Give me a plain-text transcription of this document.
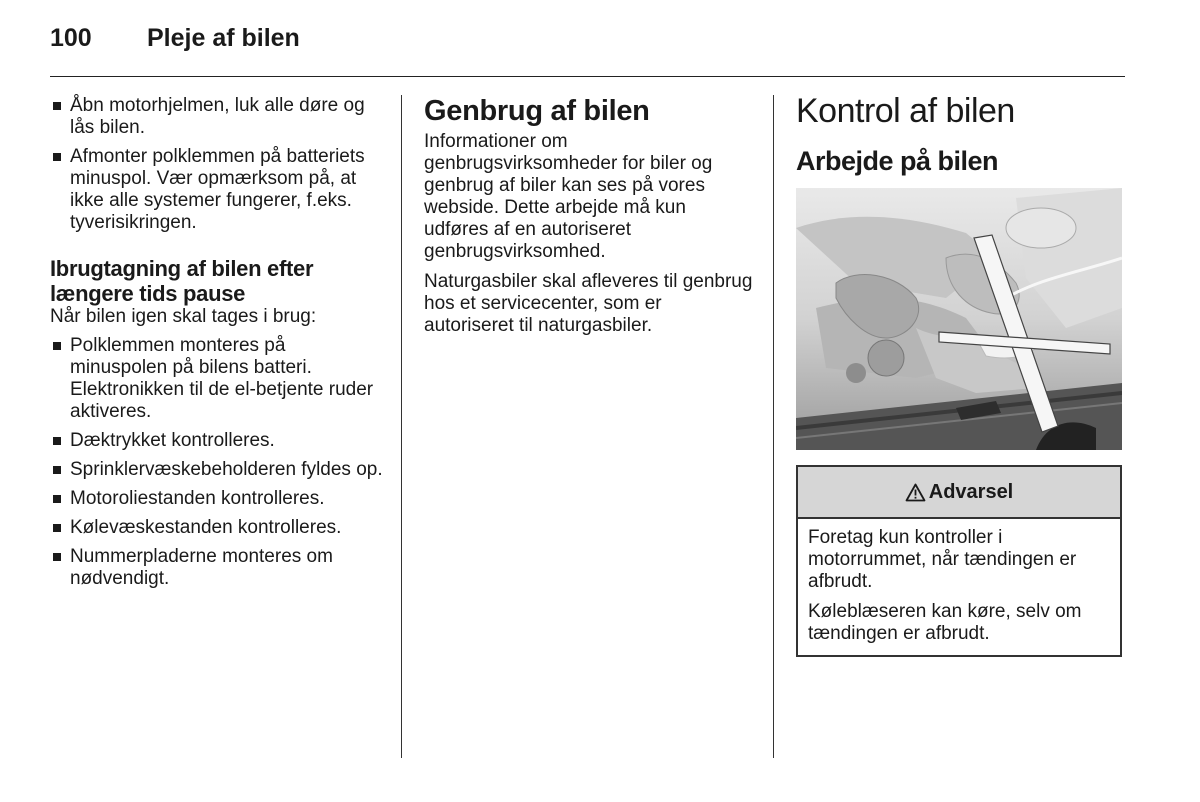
100 Pleje af bilen
Åbn motorhjelmen, luk alle døre og lås bilen.
Afmonter polklemmen på batteriets minuspol. Vær opmærksom på, at ikke alle systemer fungerer, f.eks. tyverisikringen.
Ibrugtagning af bilen efter længere tids pause

Når bilen igen skal tages i brug:

Polklemmen monteres på minuspolen på bilens batteri. Elektronikken til de el-betjente ruder aktiveres.
Dæktrykket kontrolleres.
Sprinklervæskebeholderen fyldes op.
Motoroliestanden kontrolleres.
Kølevæskestanden kontrolleres.
Nummerpladerne monteres om nødvendigt.
Genbrug af bilen

Informationer om genbrugsvirksomheder for biler og genbrug af biler kan ses på vores webside. Dette arbejde må kun udføres af en autoriseret genbrugsvirksomhed.

Naturgasbiler skal afleveres til genbrug hos et servicecenter, som er autoriseret til naturgasbiler.

Kontrol af bilen
Arbejde på bilen
Advarsel

Foretag kun kontroller i motorrummet, når tændingen er afbrudt.

Køleblæseren kan køre, selv om tændingen er afbrudt.
